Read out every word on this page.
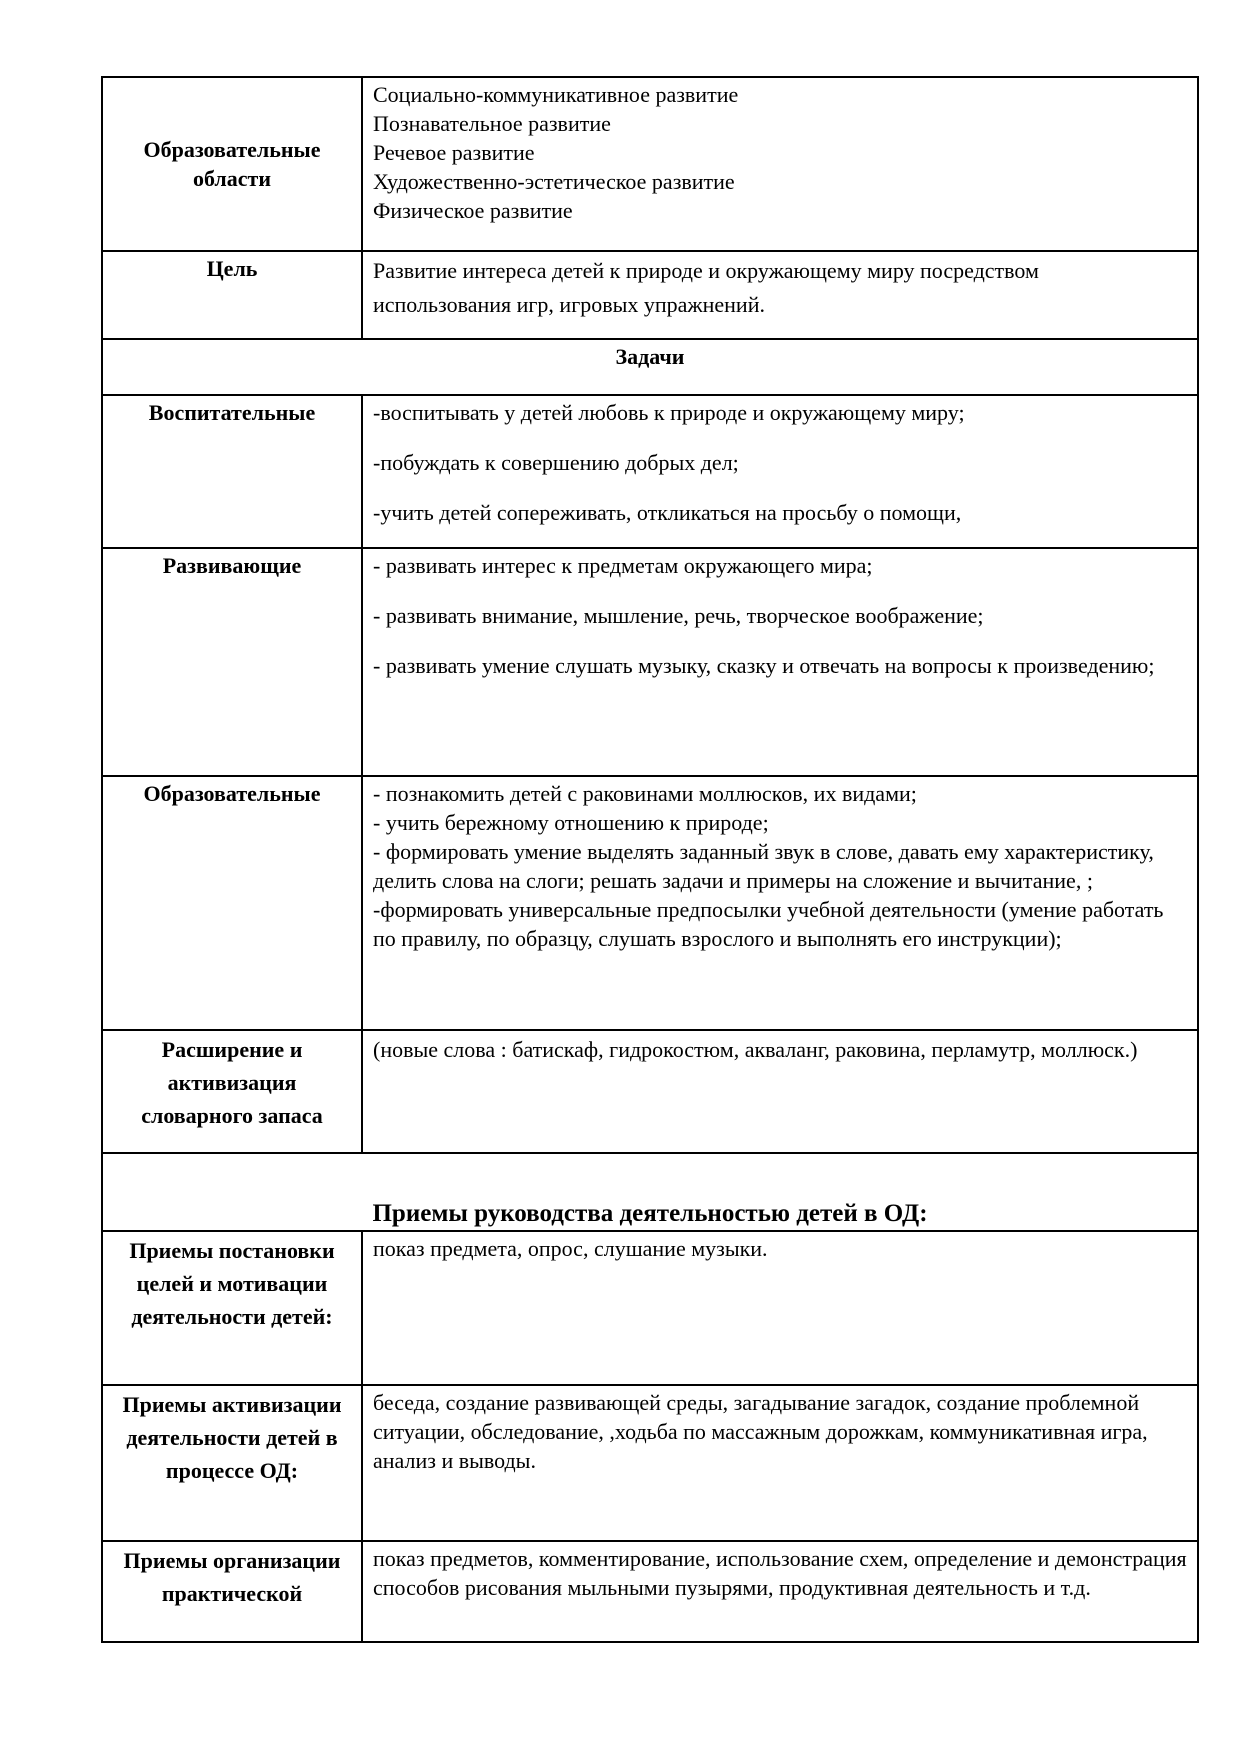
Образовательные области	Социально-коммуникативное развитие
Познавательное развитие
Речевое развитие
Художественно-эстетическое развитие
Физическое развитие

Цель	Развитие интереса детей к природе и окружающему миру посредством
использования игр, игровых упражнений.

Задачи	
Воспитательные	-воспитывать у детей любовь к природе и окружающему миру;
-побуждать к совершению добрых дел;
-учить детей сопереживать, откликаться на просьбу о помощи,

Развивающие	- развивать интерес к предметам окружающего мира;
- развивать внимание, мышление, речь, творческое воображение;
- развивать умение слушать музыку, сказку и отвечать на вопросы к произведению;

Образовательные	- познакомить детей с раковинами моллюсков, их видами;
- учить бережному отношению к природе;
- формировать умение выделять заданный звук в слове, давать ему характеристику, делить слова на слоги; решать задачи и примеры на сложение и вычитание, ;
-формировать универсальные предпосылки учебной деятельности (умение работать по правилу, по образцу, слушать взрослого и выполнять его инструкции);

Расширение и активизация словарного запаса	(новые слова : батискаф, гидрокостюм, акваланг, раковина, перламутр, моллюск.)
Приемы руководства деятельностью детей в ОД:	
Приемы постановки целей и мотивации деятельности детей:	показ предмета, опрос, слушание музыки.
Приемы активизации деятельности детей в процессе ОД:	беседа, создание развивающей среды, загадывание загадок, создание проблемной ситуации, обследование, ,ходьба по массажным дорожкам, коммуникативная игра, анализ и выводы.
Приемы организации практической	показ предметов, комментирование, использование схем, определение и демонстрация способов рисования мыльными пузырями, продуктивная деятельность и т.д.
